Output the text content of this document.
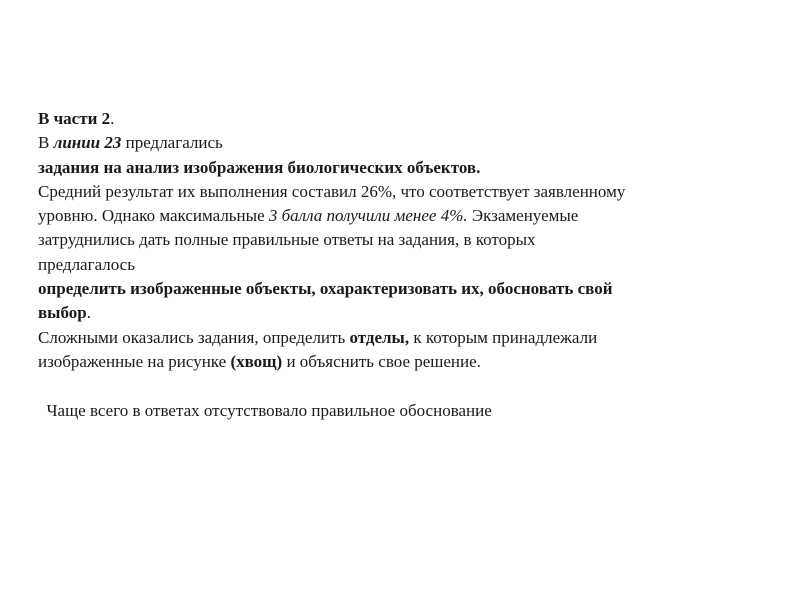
В части 2.

В линии 23 предлагались

задания на анализ изображения биологических объектов.

Средний результат их выполнения составил 26%, что соответствует заявленному

уровню. Однако максимальные 3 балла получили менее 4%. Экзаменуемые

затруднились дать полные правильные ответы на задания, в которых

предлагалось

определить изображенные объекты, охарактеризовать их, обосновать свой

выбор.

Сложными оказались задания, определить отделы, к которым принадлежали

изображенные на рисунке (хвощ) и объяснить свое решение.

Чаще всего в ответах отсутствовало правильное обоснование
